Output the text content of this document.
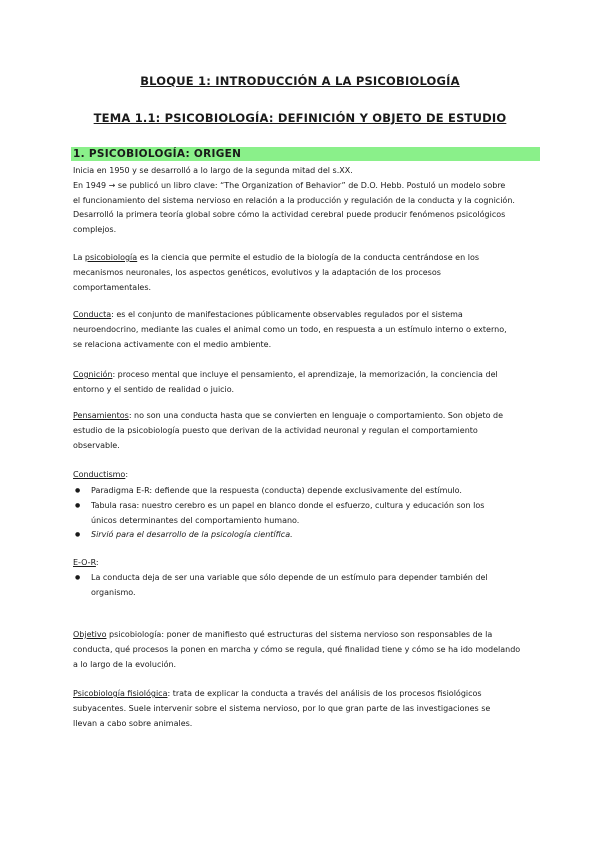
BLOQUE 1: INTRODUCCIÓN A LA PSICOBIOLOGÍA
TEMA 1.1: PSICOBIOLOGÍA: DEFINICIÓN Y OBJETO DE ESTUDIO
1. PSICOBIOLOGÍA: ORIGEN
Inicia en 1950 y se desarrolló a lo largo de la segunda mitad del s.XX.
En 1949 → se publicó un libro clave: “The Organization of Behavior” de D.O. Hebb. Postuló un modelo sobre
el funcionamiento del sistema nervioso en relación a la producción y regulación de la conducta y la cognición.
Desarrolló la primera teoría global sobre cómo la actividad cerebral puede producir fenómenos psicológicos
complejos.
La psicobiología es la ciencia que permite el estudio de la biología de la conducta centrándose en los
mecanismos neuronales, los aspectos genéticos, evolutivos y la adaptación de los procesos
comportamentales.
Conducta: es el conjunto de manifestaciones públicamente observables regulados por el sistema
neuroendocrino, mediante las cuales el animal como un todo, en respuesta a un estímulo interno o externo,
se relaciona activamente con el medio ambiente.
Cognición: proceso mental que incluye el pensamiento, el aprendizaje, la memorización, la conciencia del
entorno y el sentido de realidad o juicio.
Pensamientos: no son una conducta hasta que se convierten en lenguaje o comportamiento. Son objeto de
estudio de la psicobiología puesto que derivan de la actividad neuronal y regulan el comportamiento
observable.
Conductismo:
● Paradigma E-R: defiende que la respuesta (conducta) depende exclusivamente del estímulo.
● Tabula rasa: nuestro cerebro es un papel en blanco donde el esfuerzo, cultura y educación son los
únicos determinantes del comportamiento humano.
● Sirvió para el desarrollo de la psicología científica.
E-O-R:
● La conducta deja de ser una variable que sólo depende de un estímulo para depender también del
organismo.
Objetivo psicobiología: poner de manifiesto qué estructuras del sistema nervioso son responsables de la
conducta, qué procesos la ponen en marcha y cómo se regula, qué finalidad tiene y cómo se ha ido modelando
a lo largo de la evolución.
Psicobiología fisiológica: trata de explicar la conducta a través del análisis de los procesos fisiológicos
subyacentes. Suele intervenir sobre el sistema nervioso, por lo que gran parte de las investigaciones se
llevan a cabo sobre animales.
